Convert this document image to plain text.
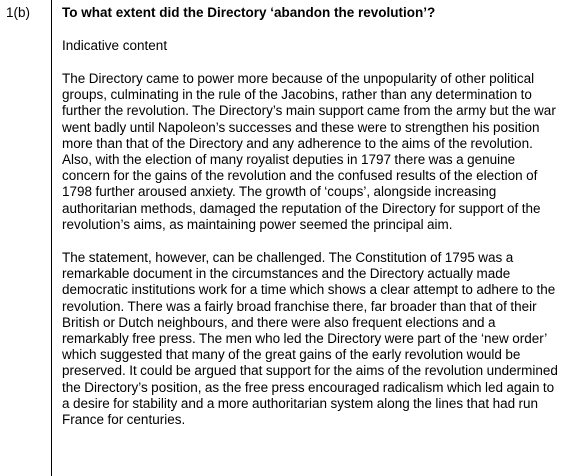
1(b) To what extent did the Directory ‘abandon the revolution’?

Indicative content

The Directory came to power more because of the unpopularity of other political groups, culminating in the rule of the Jacobins, rather than any determination to further the revolution. The Directory’s main support came from the army but the war went badly until Napoleon’s successes and these were to strengthen his position more than that of the Directory and any adherence to the aims of the revolution. Also, with the election of many royalist deputies in 1797 there was a genuine concern for the gains of the revolution and the confused results of the election of 1798 further aroused anxiety. The growth of ‘coups’, alongside increasing authoritarian methods, damaged the reputation of the Directory for support of the revolution’s aims, as maintaining power seemed the principal aim.

The statement, however, can be challenged. The Constitution of 1795 was a remarkable document in the circumstances and the Directory actually made democratic institutions work for a time which shows a clear attempt to adhere to the revolution. There was a fairly broad franchise there, far broader than that of their British or Dutch neighbours, and there were also frequent elections and a remarkably free press. The men who led the Directory were part of the ‘new order’ which suggested that many of the great gains of the early revolution would be preserved. It could be argued that support for the aims of the revolution undermined the Directory’s position, as the free press encouraged radicalism which led again to a desire for stability and a more authoritarian system along the lines that had run France for centuries.
